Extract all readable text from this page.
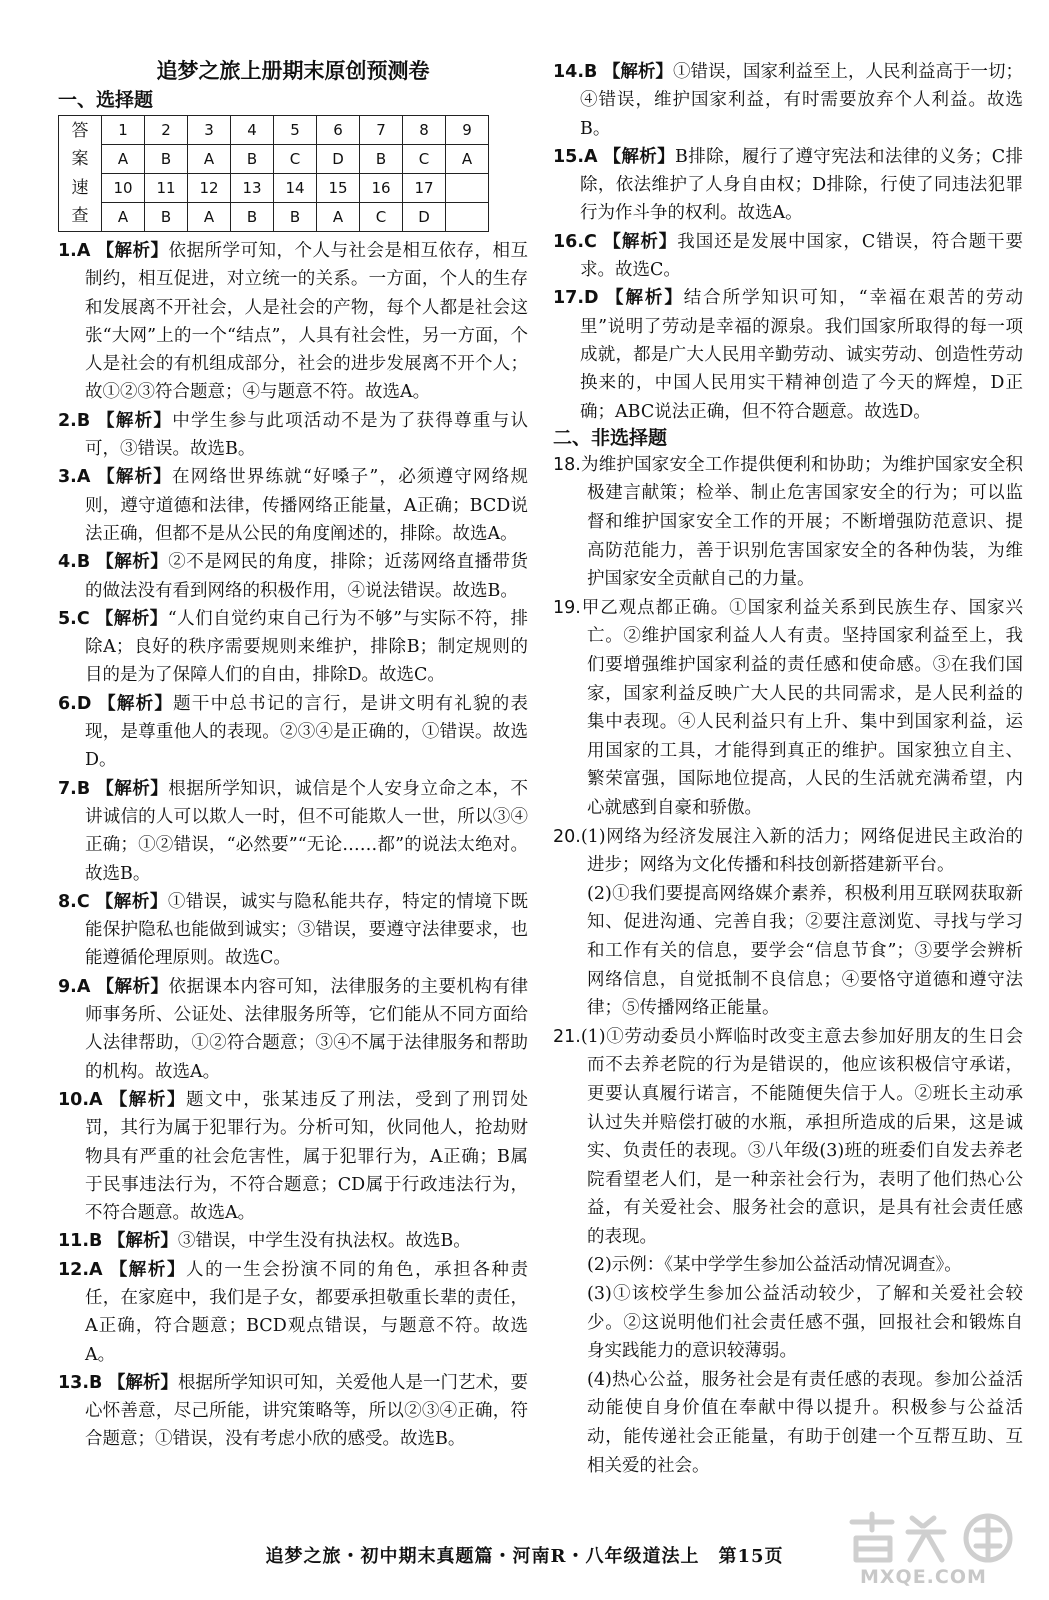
追梦之旅上册期末原创预测卷
一、选择题
答
案
速
查	1	2	3	4	5	6	7	8	9
	A	B	A	B	C	D	B	C	A
	10	11	12	13	14	15	16	17	
	A	B	A	B	B	A	C	D	

1.A 【解析】依据所学可知，个人与社会是相互依存，相互制约，相互促进，对立统一的关系。一方面，个人的生存和发展离不开社会，人是社会的产物，每个人都是社会这张“大网”上的一个“结点”，人具有社会性，另一方面，个人是社会的有机组成部分，社会的进步发展离不开个人；故①②③符合题意；④与题意不符。故选A。

2.B 【解析】中学生参与此项活动不是为了获得尊重与认可，③错误。故选B。

3.A 【解析】在网络世界练就“好嗓子”，必须遵守网络规则，遵守道德和法律，传播网络正能量，A正确；BCD说法正确，但都不是从公民的角度阐述的，排除。故选A。

4.B 【解析】②不是网民的角度，排除；近荡网络直播带货的做法没有看到网络的积极作用，④说法错误。故选B。

5.C 【解析】“人们自觉约束自己行为不够”与实际不符，排除A；良好的秩序需要规则来维护，排除B；制定规则的目的是为了保障人们的自由，排除D。故选C。

6.D 【解析】题干中总书记的言行，是讲文明有礼貌的表现，是尊重他人的表现。②③④是正确的，①错误。故选D。

7.B 【解析】根据所学知识，诚信是个人安身立命之本，不讲诚信的人可以欺人一时，但不可能欺人一世，所以③④正确；①②错误，“必然要”“无论……都”的说法太绝对。故选B。

8.C 【解析】①错误，诚实与隐私能共存，特定的情境下既能保护隐私也能做到诚实；③错误，要遵守法律要求，也能遵循伦理原则。故选C。

9.A 【解析】依据课本内容可知，法律服务的主要机构有律师事务所、公证处、法律服务所等，它们能从不同方面给人法律帮助，①②符合题意；③④不属于法律服务和帮助的机构。故选A。

10.A 【解析】题文中，张某违反了刑法，受到了刑罚处罚，其行为属于犯罪行为。分析可知，伙同他人，抢劫财物具有严重的社会危害性，属于犯罪行为，A正确；B属于民事违法行为，不符合题意；CD属于行政违法行为，不符合题意。故选A。

11.B 【解析】③错误，中学生没有执法权。故选B。

12.A 【解析】人的一生会扮演不同的角色，承担各种责任，在家庭中，我们是子女，都要承担敬重长辈的责任，A正确，符合题意；BCD观点错误，与题意不符。故选A。

13.B 【解析】根据所学知识可知，关爱他人是一门艺术，要心怀善意，尽己所能，讲究策略等，所以②③④正确，符合题意；①错误，没有考虑小欣的感受。故选B。

14.B 【解析】①错误，国家利益至上，人民利益高于一切；④错误，维护国家利益，有时需要放弃个人利益。故选B。

15.A 【解析】B排除，履行了遵守宪法和法律的义务；C排除，依法维护了人身自由权；D排除，行使了同违法犯罪行为作斗争的权利。故选A。

16.C 【解析】我国还是发展中国家，C错误，符合题干要求。故选C。

17.D 【解析】结合所学知识可知，“幸福在艰苦的劳动里”说明了劳动是幸福的源泉。我们国家所取得的每一项成就，都是广大人民用辛勤劳动、诚实劳动、创造性劳动换来的，中国人民用实干精神创造了今天的辉煌，D正确；ABC说法正确，但不符合题意。故选D。

二、非选择题

18.为维护国家安全工作提供便利和协助；为维护国家安全积极建言献策；检举、制止危害国家安全的行为；可以监督和维护国家安全工作的开展；不断增强防范意识、提高防范能力，善于识别危害国家安全的各种伪装，为维护国家安全贡献自己的力量。

19.甲乙观点都正确。①国家利益关系到民族生存、国家兴亡。②维护国家利益人人有责。坚持国家利益至上，我们要增强维护国家利益的责任感和使命感。③在我们国家，国家利益反映广大人民的共同需求，是人民利益的集中表现。④人民利益只有上升、集中到国家利益，运用国家的工具，才能得到真正的维护。国家独立自主、繁荣富强，国际地位提高，人民的生活就充满希望，内心就感到自豪和骄傲。

20.(1)网络为经济发展注入新的活力；网络促进民主政治的进步；网络为文化传播和科技创新搭建新平台。

(2)①我们要提高网络媒介素养，积极利用互联网获取新知、促进沟通、完善自我；②要注意浏览、寻找与学习和工作有关的信息，要学会“信息节食”；③要学会辨析网络信息，自觉抵制不良信息；④要恪守道德和遵守法律；⑤传播网络正能量。

21.(1)①劳动委员小辉临时改变主意去参加好朋友的生日会而不去养老院的行为是错误的，他应该积极信守承诺，更要认真履行诺言，不能随便失信于人。②班长主动承认过失并赔偿打破的水瓶，承担所造成的后果，这是诚实、负责任的表现。③八年级(3)班的班委们自发去养老院看望老人们，是一种亲社会行为，表明了他们热心公益，有关爱社会、服务社会的意识，是具有社会责任感的表现。

(2)示例：《某中学学生参加公益活动情况调查》。

(3)①该校学生参加公益活动较少，了解和关爱社会较少。②这说明他们社会责任感不强，回报社会和锻炼自身实践能力的意识较薄弱。

(4)热心公益，服务社会是有责任感的表现。参加公益活动能使自身价值在奉献中得以提升。积极参与公益活动，能传递社会正能量，有助于创建一个互帮互助、互相关爱的社会。

追梦之旅・初中期末真题篇・河南R・八年级道法上　第15页
MXQE.COM
